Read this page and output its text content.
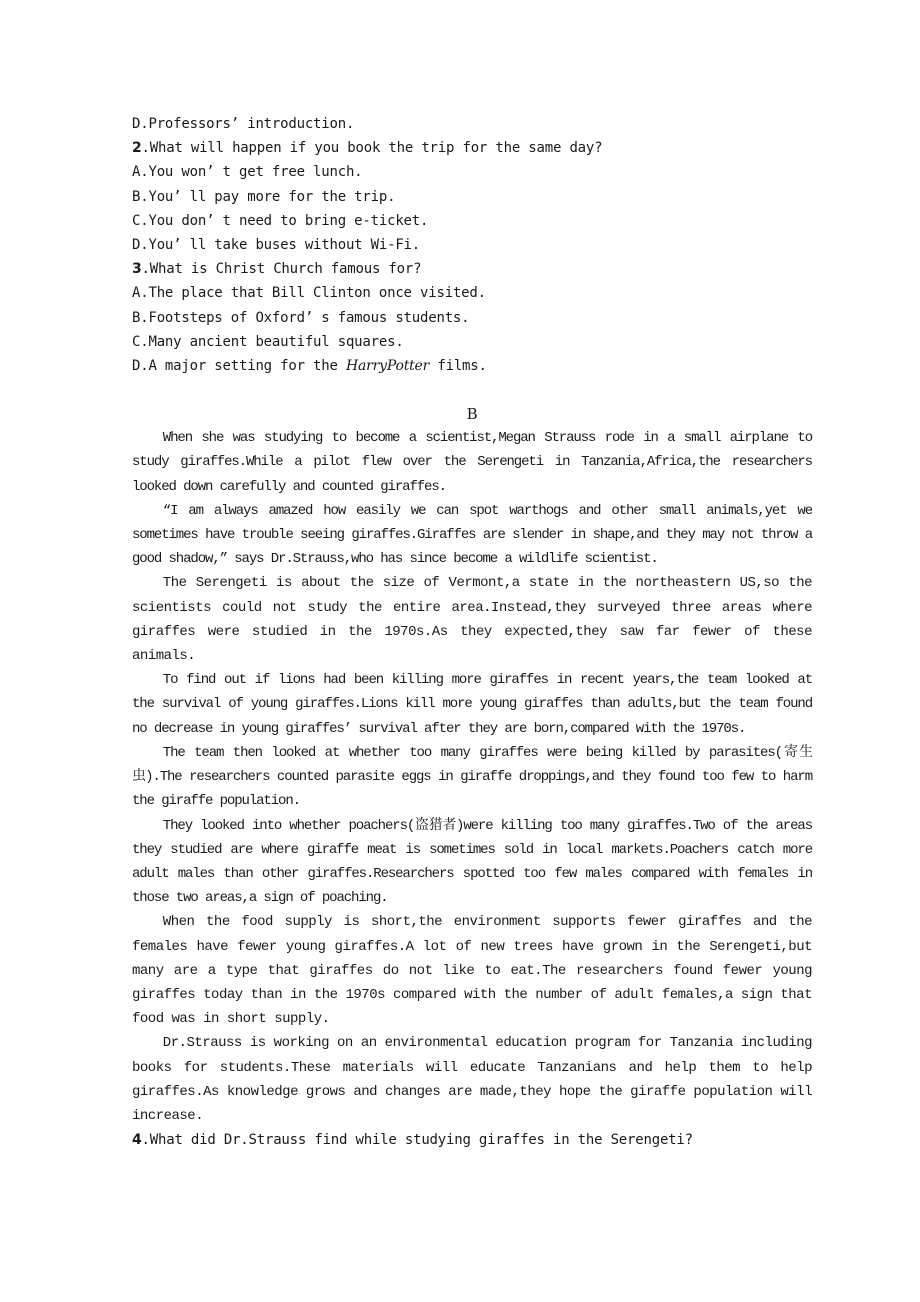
D.Professors’ introduction.
2.What will happen if you book the trip for the same day?
A.You won’ t get free lunch.
B.You’ ll pay more for the trip.
C.You don’ t need to bring e-ticket.
D.You’ ll take buses without Wi-Fi.
3.What is Christ Church famous for?
A.The place that Bill Clinton once visited.
B.Footsteps of Oxford’ s famous students.
C.Many ancient beautiful squares.
D.A major setting for the HarryPotter films.
B

When she was studying to become a scientist,Megan Strauss rode in a small airplane to study giraffes.While a pilot flew over the Serengeti in Tanzania,Africa,the researchers looked down carefully and counted giraffes.

“I am always amazed how easily we can spot warthogs and other small animals,yet we sometimes have trouble seeing giraffes.Giraffes are slender in shape,and they may not throw a good shadow,” says Dr.Strauss,who has since become a wildlife scientist.

The Serengeti is about the size of Vermont,a state in the northeastern US,so the scientists could not study the entire area.Instead,they surveyed three areas where giraffes were studied in the 1970s.As they expected,they saw far fewer of these animals.

To find out if lions had been killing more giraffes in recent years,the team looked at the survival of young giraffes.Lions kill more young giraffes than adults,but the team found no decrease in young giraffes’ survival after they are born,compared with the 1970s.

The team then looked at whether too many giraffes were being killed by parasites(寄生虫).The researchers counted parasite eggs in giraffe droppings,and they found too few to harm the giraffe population.

They looked into whether poachers(盗猎者)were killing too many giraffes.Two of the areas they studied are where giraffe meat is sometimes sold in local markets.Poachers catch more adult males than other giraffes.Researchers spotted too few males compared with females in those two areas,a sign of poaching.

When the food supply is short,the environment supports fewer giraffes and the females have fewer young giraffes.A lot of new trees have grown in the Serengeti,but many are a type that giraffes do not like to eat.The researchers found fewer young giraffes today than in the 1970s compared with the number of adult females,a sign that food was in short supply.

Dr.Strauss is working on an environmental education program for Tanzania including books for students.These materials will educate Tanzanians and help them to help giraffes.As knowledge grows and changes are made,they hope the giraffe population will increase.

4.What did Dr.Strauss find while studying giraffes in the Serengeti?
